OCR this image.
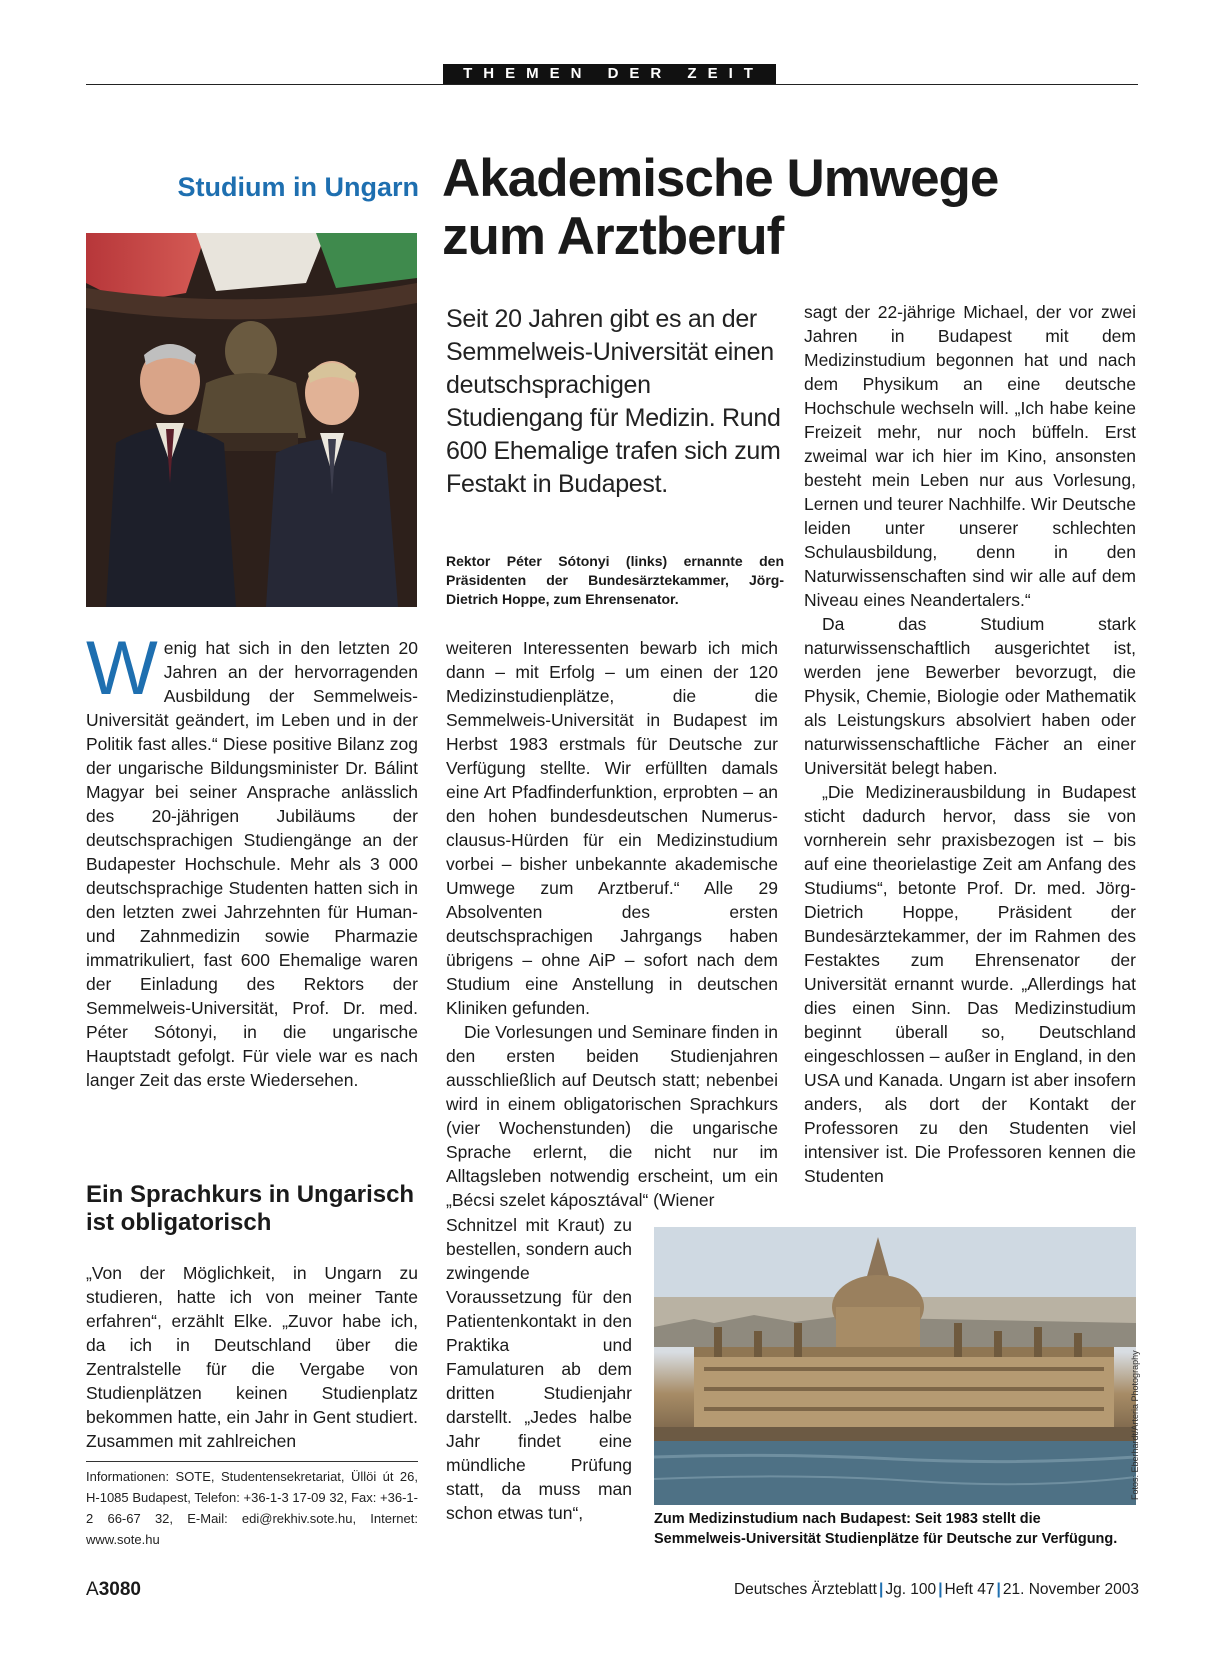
THEMEN DER ZEIT
Studium in Ungarn Akademische Umwege
zum Arztberuf
Seit 20 Jahren gibt es an der Semmelweis-Universität einen deutschsprachigen Studiengang für Medizin. Rund 600 Ehemalige trafen sich zum Festakt in Budapest.
Rektor Péter Sótonyi (links) ernannte den Präsidenten der Bundesärztekammer, Jörg-Dietrich Hoppe, zum Ehrensenator.
W enig hat sich in den letzten 20 Jahren an der hervorragenden Ausbildung der Semmelweis-Universität geändert, im Leben und in der Politik fast alles.“ Diese positive Bilanz zog der ungarische Bildungsminister Dr. Bálint Magyar bei seiner Ansprache anlässlich des 20-jährigen Jubiläums der deutschsprachigen Studiengänge an der Budapester Hochschule. Mehr als 3 000 deutschsprachige Studenten hatten sich in den letzten zwei Jahrzehnten für Human- und Zahnmedizin sowie Pharmazie immatrikuliert, fast 600 Ehemalige waren der Einladung des Rektors der Semmelweis-Universität, Prof. Dr. med. Péter Sótonyi, in die ungarische Hauptstadt gefolgt. Für viele war es nach langer Zeit das erste Wiedersehen.

Ein Sprachkurs in Ungarisch
ist obligatorisch

„Von der Möglichkeit, in Ungarn zu studieren, hatte ich von meiner Tante erfahren“, erzählt Elke. „Zuvor habe ich, da ich in Deutschland über die Zentralstelle für die Vergabe von Studienplätzen keinen Studienplatz bekommen hatte, ein Jahr in Gent studiert. Zusammen mit zahlreichen

Informationen: SOTE, Studentensekretariat, Üllöi út 26, H-1085 Budapest, Telefon: +36-1-3 17-09 32, Fax: +36-1-2 66-67 32, E-Mail: edi@rekhiv.sote.hu, Internet: www.sote.hu

weiteren Interessenten bewarb ich mich dann – mit Erfolg – um einen der 120 Medizinstudienplätze, die die Semmelweis-Universität in Budapest im Herbst 1983 erstmals für Deutsche zur Verfügung stellte. Wir erfüllten damals eine Art Pfadfinderfunktion, erprobten – an den hohen bundesdeutschen Numerus-clausus-Hürden für ein Medizinstudium vorbei – bisher unbekannte akademische Umwege zum Arztberuf.“ Alle 29 Absolventen des ersten deutschsprachigen Jahrgangs haben übrigens – ohne AiP – sofort nach dem Studium eine Anstellung in deutschen Kliniken gefunden.

Die Vorlesungen und Seminare finden in den ersten beiden Studienjahren ausschließlich auf Deutsch statt; nebenbei wird in einem obligatorischen Sprachkurs (vier Wochenstunden) die ungarische Sprache erlernt, die nicht nur im Alltagsleben notwendig erscheint, um ein „Bécsi szelet káposztával“ (Wiener

Schnitzel mit Kraut) zu bestellen, sondern auch zwingende Voraussetzung für den Patientenkontakt in den Praktika und Famulaturen ab dem dritten Studienjahr darstellt. „Jedes halbe Jahr findet eine mündliche Prüfung statt, da muss man schon etwas tun“,

sagt der 22-jährige Michael, der vor zwei Jahren in Budapest mit dem Medizinstudium begonnen hat und nach dem Physikum an eine deutsche Hochschule wechseln will. „Ich habe keine Freizeit mehr, nur noch büffeln. Erst zweimal war ich hier im Kino, ansonsten besteht mein Leben nur aus Vorlesung, Lernen und teurer Nachhilfe. Wir Deutsche leiden unter unserer schlechten Schulausbildung, denn in den Naturwissenschaften sind wir alle auf dem Niveau eines Neandertalers.“

Da das Studium stark naturwissenschaftlich ausgerichtet ist, werden jene Bewerber bevorzugt, die Physik, Chemie, Biologie oder Mathematik als Leistungskurs absolviert haben oder naturwissenschaftliche Fächer an einer Universität belegt haben.

„Die Medizinerausbildung in Budapest sticht dadurch hervor, dass sie von vornherein sehr praxisbezogen ist – bis auf eine theorielastige Zeit am Anfang des Studiums“, betonte Prof. Dr. med. Jörg-Dietrich Hoppe, Präsident der Bundesärztekammer, der im Rahmen des Festaktes zum Ehrensenator der Universität ernannt wurde. „Allerdings hat dies einen Sinn. Das Medizinstudium beginnt überall so, Deutschland eingeschlossen – außer in England, in den USA und Kanada. Ungarn ist aber insofern anders, als dort der Kontakt der Professoren zu den Studenten viel intensiver ist. Die Professoren kennen die Studenten

Fotos: Eberhardt/Arteria Photography
Zum Medizinstudium nach Budapest: Seit 1983 stellt die Semmelweis-Universität Studienplätze für Deutsche zur Verfügung.
A3080	Deutsches Ärzteblatt | Jg. 100 | Heft 47 | 21. November 2003
